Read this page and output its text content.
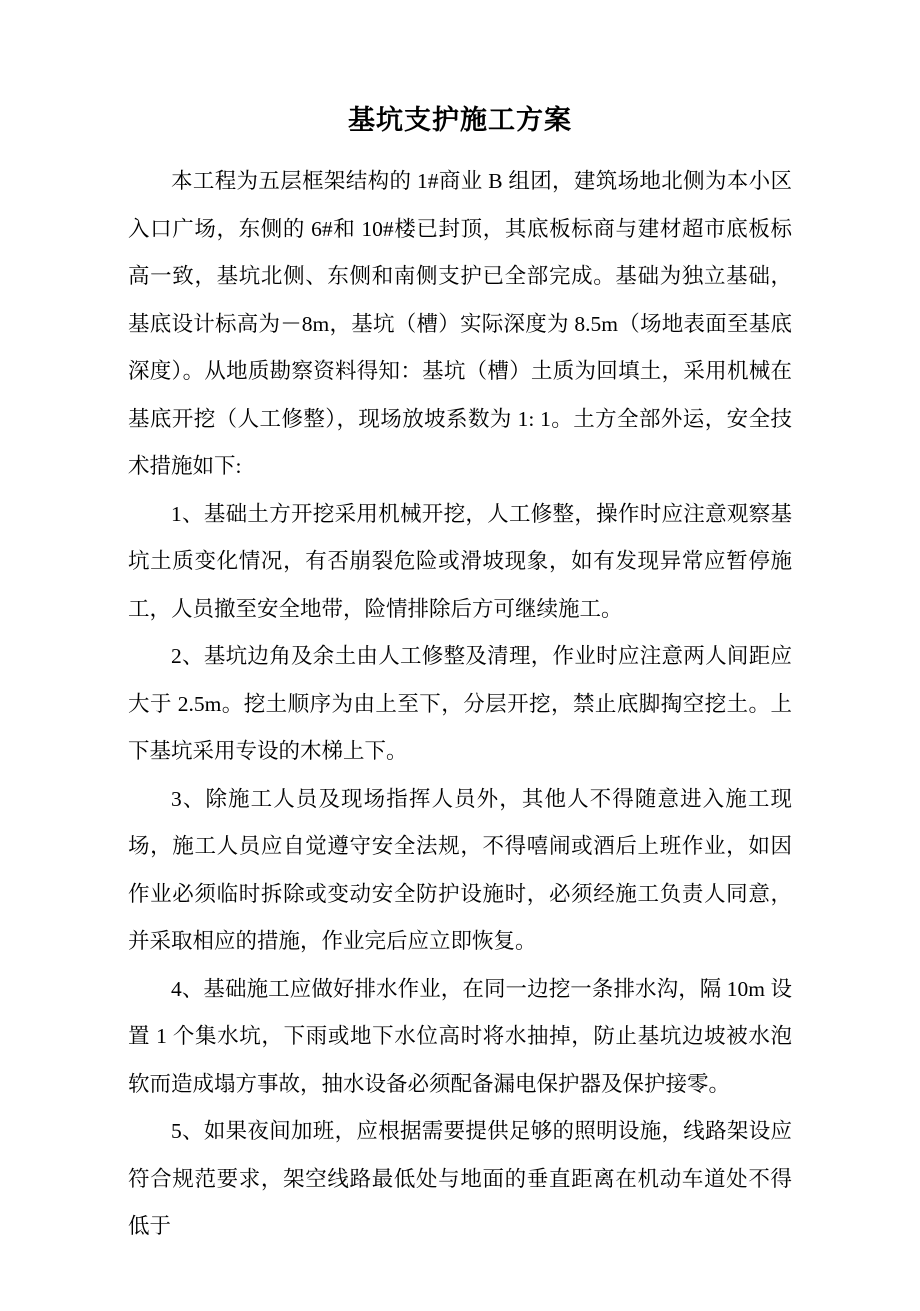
基坑支护施工方案

本工程为五层框架结构的 1#商业 B 组团，建筑场地北侧为本小区入口广场，东侧的 6#和 10#楼已封顶，其底板标商与建材超市底板标高一致，基坑北侧、东侧和南侧支护已全部完成。基础为独立基础，基底设计标高为－8m，基坑（槽）实际深度为 8.5m（场地表面至基底深度）。从地质勘察资料得知：基坑（槽）土质为回填土，采用机械在基底开挖（人工修整），现场放坡系数为 1: 1。土方全部外运，安全技术措施如下:

1、基础土方开挖采用机械开挖，人工修整，操作时应注意观察基坑土质变化情况，有否崩裂危险或滑坡现象，如有发现异常应暂停施工，人员撤至安全地带，险情排除后方可继续施工。

2、基坑边角及余土由人工修整及清理，作业时应注意两人间距应大于 2.5m。挖土顺序为由上至下，分层开挖，禁止底脚掏空挖土。上下基坑采用专设的木梯上下。

3、除施工人员及现场指挥人员外，其他人不得随意进入施工现场，施工人员应自觉遵守安全法规，不得嘻闹或酒后上班作业，如因作业必须临时拆除或变动安全防护设施时，必须经施工负责人同意，并采取相应的措施，作业完后应立即恢复。

4、基础施工应做好排水作业，在同一边挖一条排水沟，隔 10m 设置 1 个集水坑，下雨或地下水位高时将水抽掉，防止基坑边坡被水泡软而造成塌方事故，抽水设备必须配备漏电保护器及保护接零。

5、如果夜间加班，应根据需要提供足够的照明设施，线路架设应符合规范要求，架空线路最低处与地面的垂直距离在机动车道处不得低于
